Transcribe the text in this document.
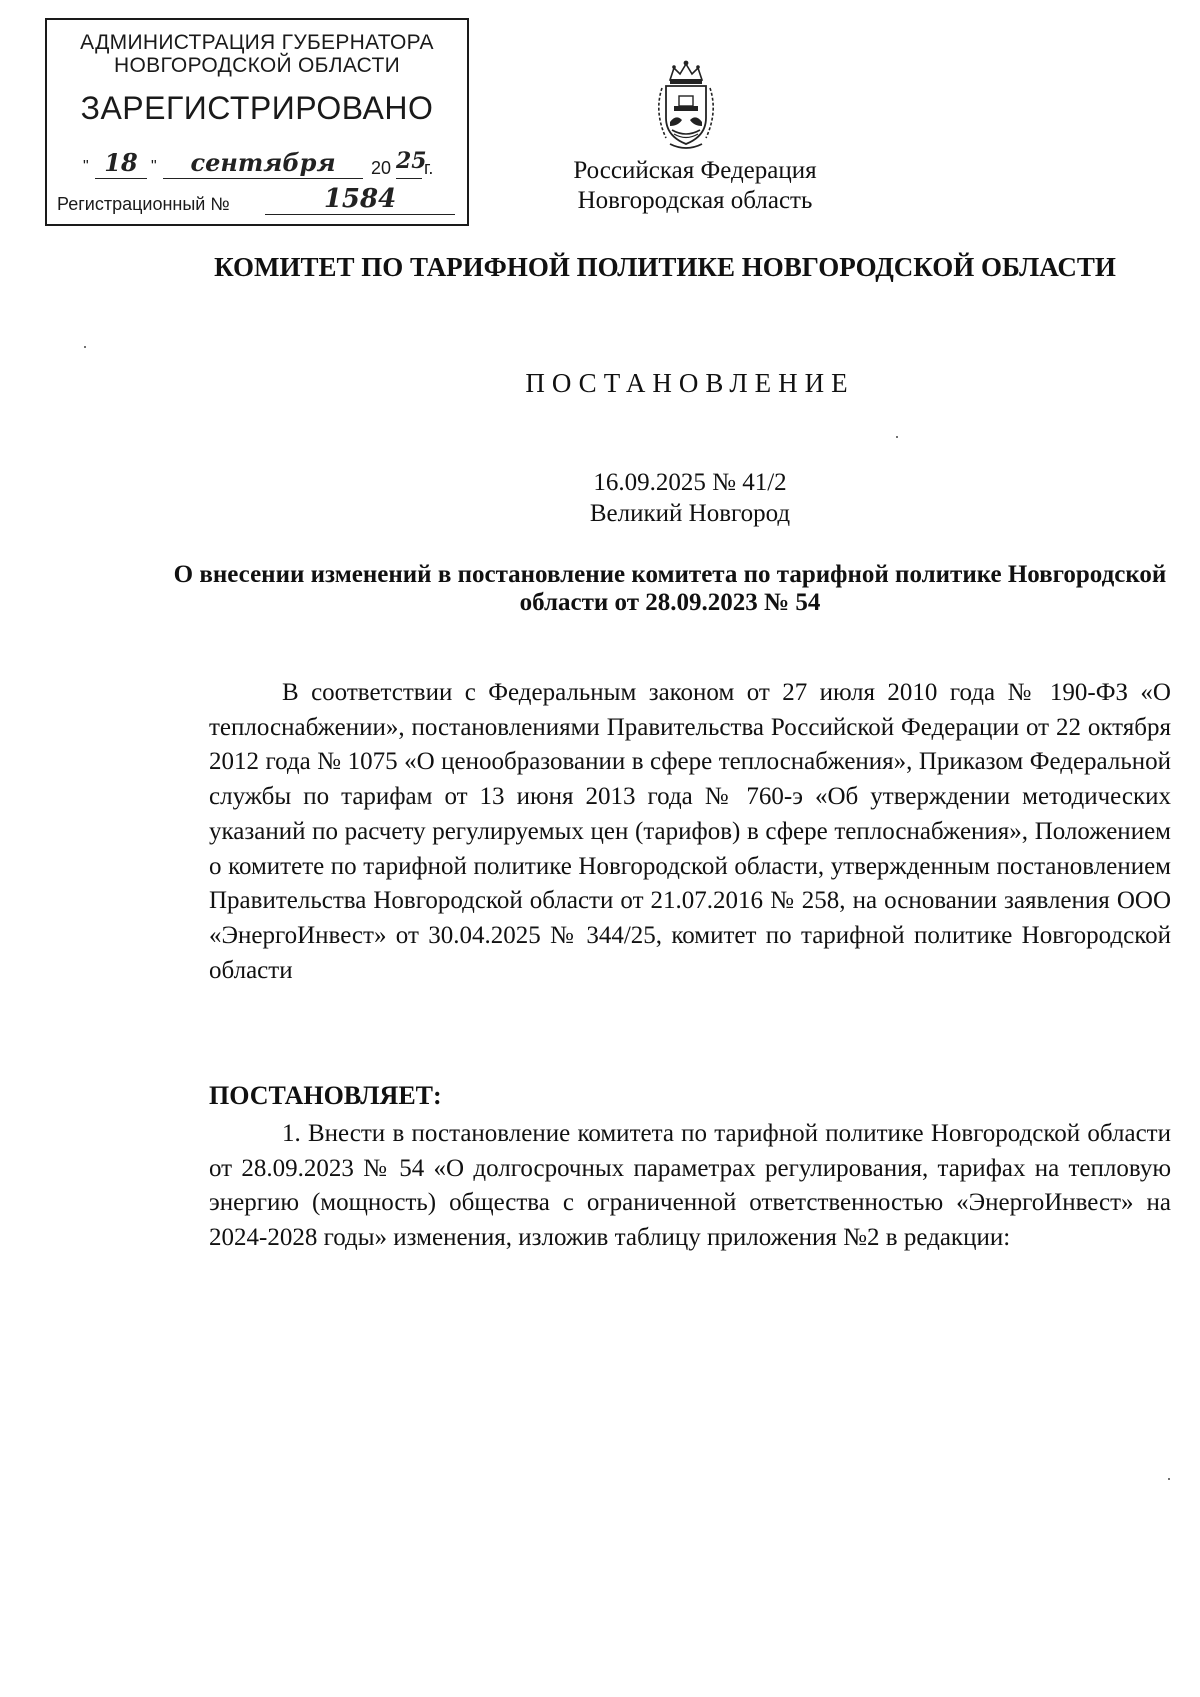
АДМИНИСТРАЦИЯ ГУБЕРНАТОРА
НОВГОРОДСКОЙ ОБЛАСТИ
ЗАРЕГИСТРИРОВАНО
" 18 "	сентября	20 25
г.
Регистрационный №	1584
Российская Федерация
Новгородская область
КОМИТЕТ ПО ТАРИФНОЙ ПОЛИТИКЕ НОВГОРОДСКОЙ ОБЛАСТИ
ПОСТАНОВЛЕНИЕ
16.09.2025 № 41/2
Великий Новгород
О внесении изменений в постановление комитета по тарифной политике Новгородской области от 28.09.2023 № 54
В соответствии с Федеральным законом от 27 июля 2010 года № 190-ФЗ «О теплоснабжении», постановлениями Правительства Российской Федерации от 22 октября 2012 года № 1075 «О ценообразовании в сфере теплоснабжения», Приказом Федеральной службы по тарифам от 13 июня 2013 года № 760-э «Об утверждении методических указаний по расчету регулируемых цен (тарифов) в сфере теплоснабжения», Положением о комитете по тарифной политике Новгородской области, утвержденным постановлением Правительства Новгородской области от 21.07.2016 № 258, на основании заявления ООО «ЭнергоИнвест» от 30.04.2025 № 344/25, комитет по тарифной политике Новгородской области
ПОСТАНОВЛЯЕТ:
1. Внести в постановление комитета по тарифной политике Новгородской области от 28.09.2023 № 54 «О долгосрочных параметрах регулирования, тарифах на тепловую энергию (мощность) общества с ограниченной ответственностью «ЭнергоИнвест» на 2024-2028 годы» изменения, изложив таблицу приложения №2 в редакции:
